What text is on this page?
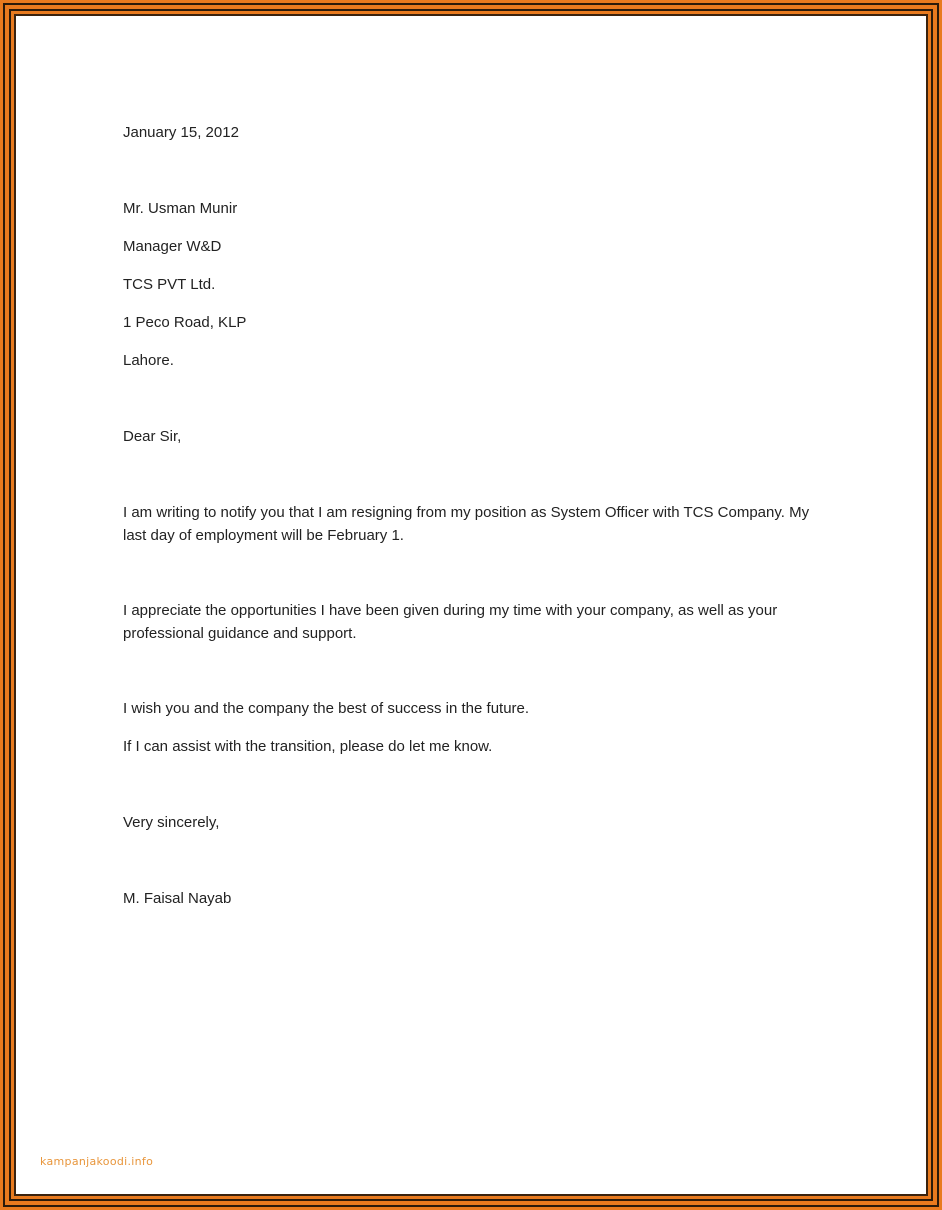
January 15, 2012
Mr. Usman Munir
Manager W&D
TCS PVT Ltd.
1 Peco Road, KLP
Lahore.
Dear Sir,
I am writing to notify you that I am resigning from my position as System Officer with TCS Company. My last day of employment will be February 1.
I appreciate the opportunities I have been given during my time with your company, as well as your professional guidance and support.
I wish you and the company the best of success in the future.
If I can assist with the transition, please do let me know.
Very sincerely,
M. Faisal Nayab
kampanjakoodi.info
